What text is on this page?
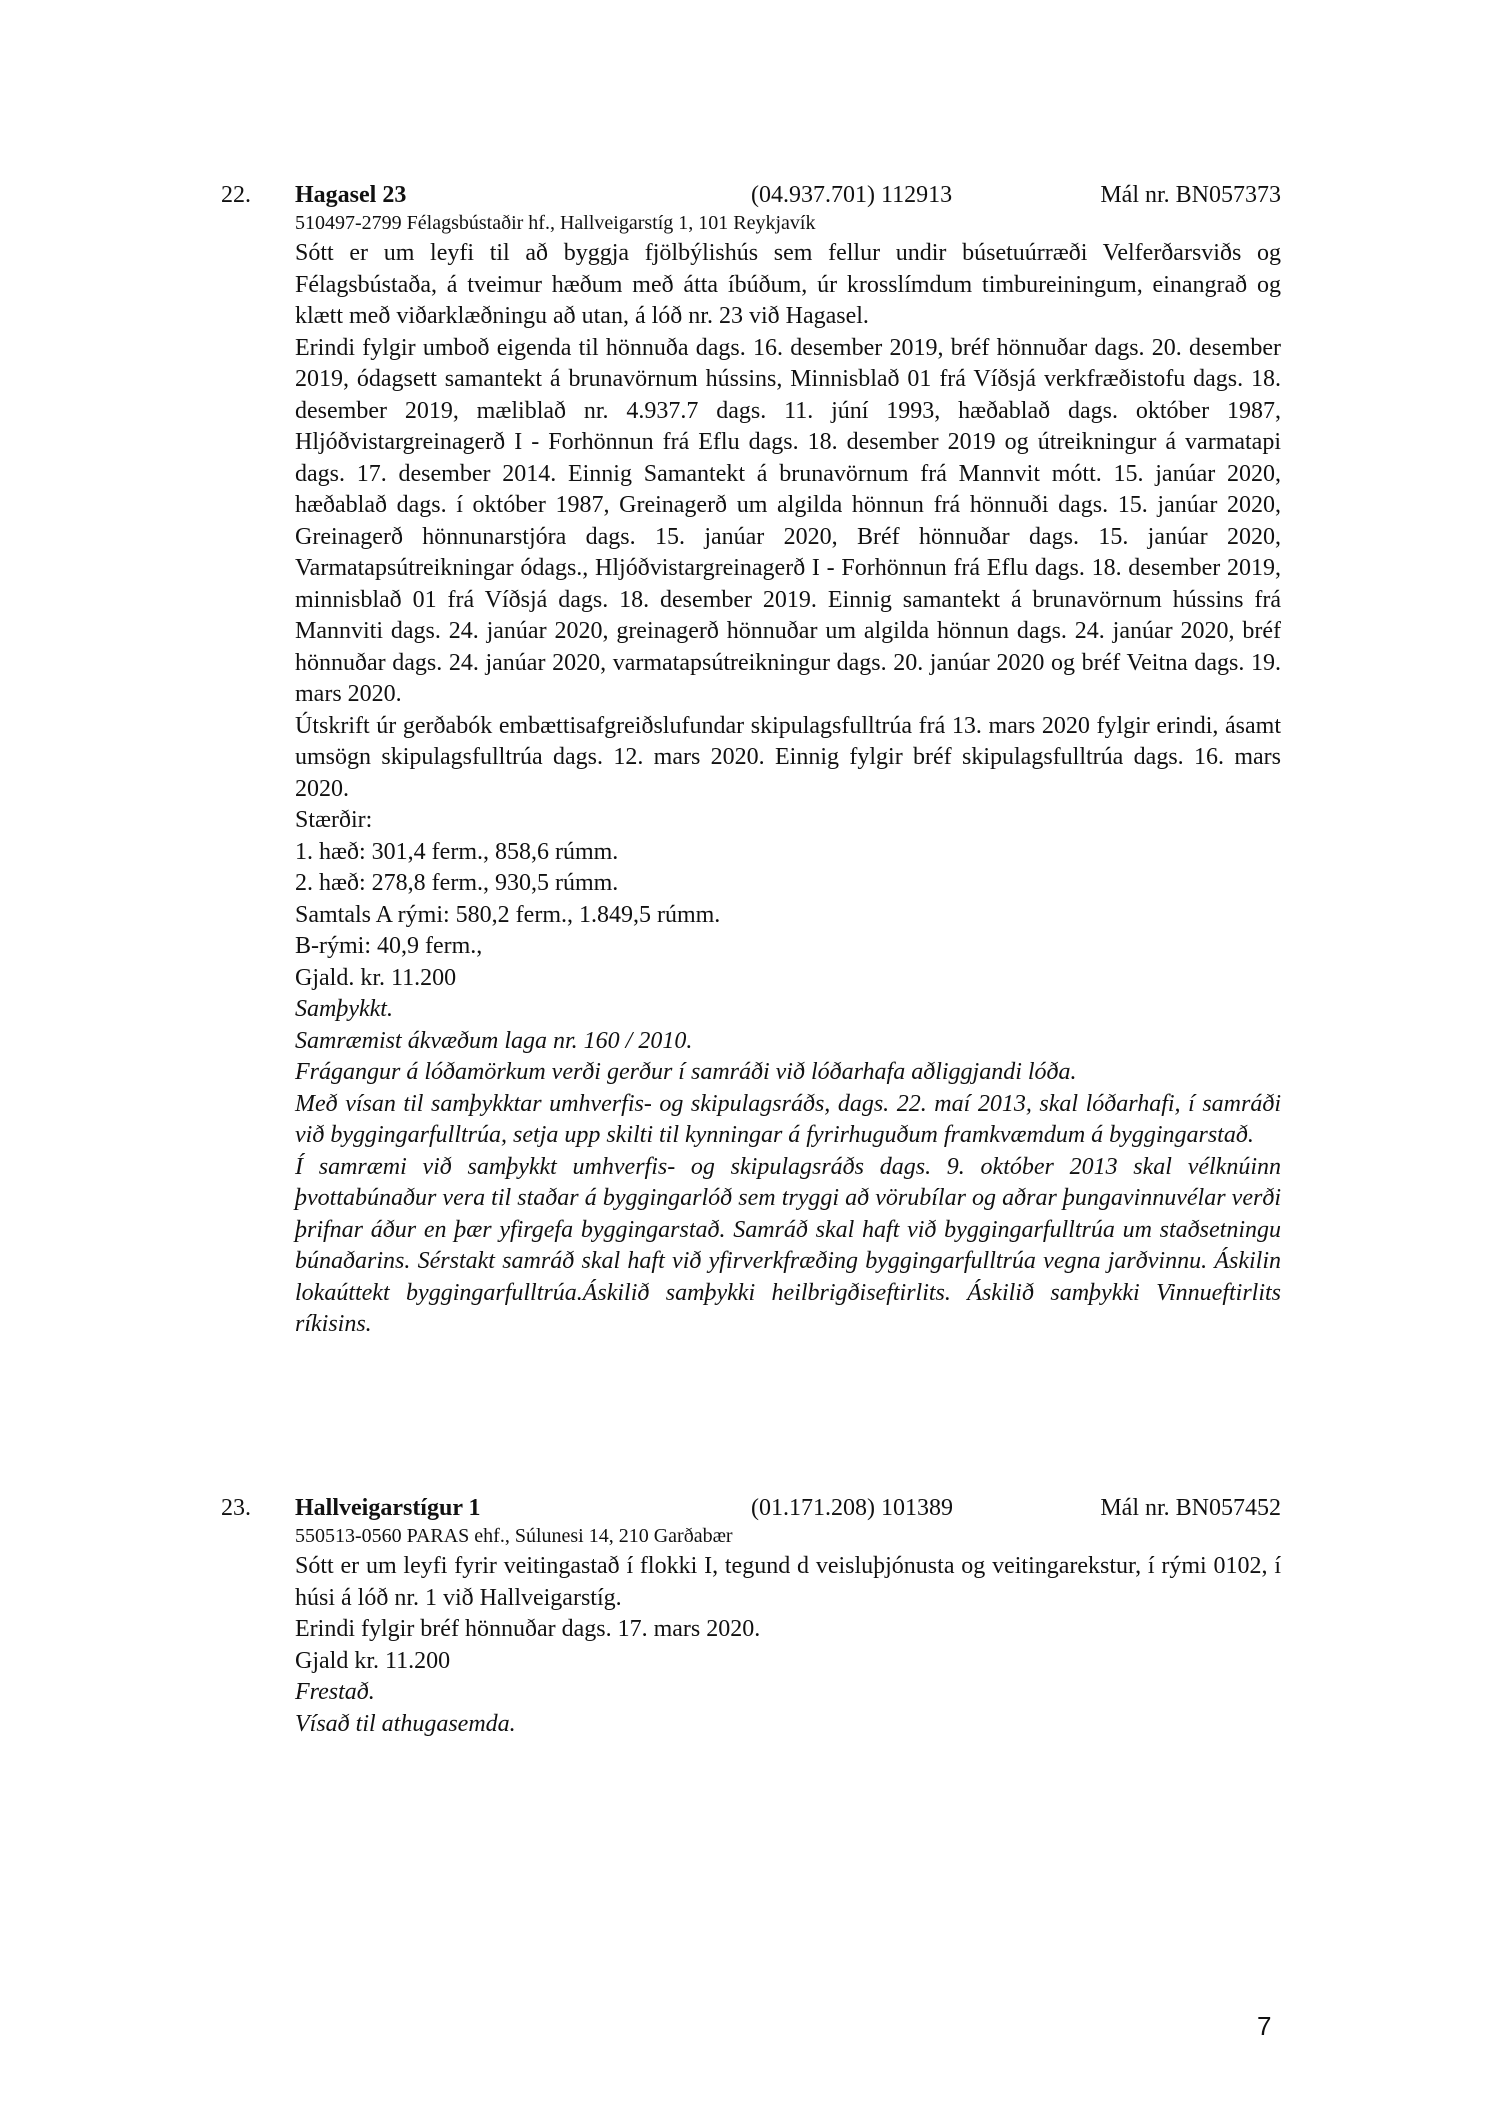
22. Hagasel 23	(04.937.701) 112913	Mál nr. BN057373
510497-2799 Félagsbústaðir hf., Hallveigarstíg 1, 101 Reykjavík

Sótt er um leyfi til að byggja fjölbýlishús sem fellur undir búsetuúrræði Velferðarsviðs og Félagsbústaða, á tveimur hæðum með átta íbúðum, úr krosslímdum timbureiningum, einangrað og klætt með viðarklæðningu að utan, á lóð nr. 23 við Hagasel.

Erindi fylgir umboð eigenda til hönnuða dags. 16. desember 2019, bréf hönnuðar dags. 20. desember 2019, ódagsett samantekt á brunavörnum hússins, Minnisblað 01 frá Víðsjá verkfræðistofu dags. 18. desember 2019, mæliblað nr. 4.937.7 dags. 11. júní 1993, hæðablað dags. október 1987, Hljóðvistargreinagerð I - Forhönnun frá Eflu dags. 18. desember 2019 og útreikningur á varmatapi dags. 17. desember 2014. Einnig Samantekt á brunavörnum frá Mannvit mótt. 15. janúar 2020, hæðablað dags. í október 1987, Greinagerð um algilda hönnun frá hönnuði dags. 15. janúar 2020, Greinagerð hönnunarstjóra dags. 15. janúar 2020, Bréf hönnuðar dags. 15. janúar 2020, Varmatapsútreikningar ódags., Hljóðvistargreinagerð I - Forhönnun frá Eflu dags. 18. desember 2019, minnisblað 01 frá Víðsjá dags. 18. desember 2019. Einnig samantekt á brunavörnum hússins frá Mannviti dags. 24. janúar 2020, greinagerð hönnuðar um algilda hönnun dags. 24. janúar 2020, bréf hönnuðar dags. 24. janúar 2020, varmatapsútreikningur dags. 20. janúar 2020 og bréf Veitna dags. 19. mars 2020.

Útskrift úr gerðabók embættisafgreiðslufundar skipulagsfulltrúa frá 13. mars 2020 fylgir erindi, ásamt umsögn skipulagsfulltrúa dags. 12. mars 2020. Einnig fylgir bréf skipulagsfulltrúa dags. 16. mars 2020.

Stærðir:

1. hæð: 301,4 ferm., 858,6 rúmm.

2. hæð: 278,8 ferm., 930,5 rúmm.

Samtals A rými: 580,2 ferm., 1.849,5 rúmm.

B-rými: 40,9 ferm.,

Gjald. kr. 11.200

Samþykkt.

Samræmist ákvæðum laga nr. 160 / 2010.

Frágangur á lóðamörkum verði gerður í samráði við lóðarhafa aðliggjandi lóða.

Með vísan til samþykktar umhverfis- og skipulagsráðs, dags. 22. maí 2013, skal lóðarhafi, í samráði við byggingarfulltrúa, setja upp skilti til kynningar á fyrirhuguðum framkvæmdum á byggingarstað.

Í samræmi við samþykkt umhverfis- og skipulagsráðs dags. 9. október 2013 skal vélknúinn þvottabúnaður vera til staðar á byggingarlóð sem tryggi að vörubílar og aðrar þungavinnuvélar verði þrifnar áður en þær yfirgefa byggingarstað. Samráð skal haft við byggingarfulltrúa um staðsetningu búnaðarins. Sérstakt samráð skal haft við yfirverkfræðing byggingarfulltrúa vegna jarðvinnu. Áskilin lokaúttekt byggingarfulltrúa.Áskilið samþykki heilbrigðiseftirlits. Áskilið samþykki Vinnueftirlits ríkisins.

23. Hallveigarstígur 1	(01.171.208) 101389	Mál nr. BN057452
550513-0560 PARAS ehf., Súlunesi 14, 210 Garðabær

Sótt er um leyfi fyrir veitingastað í flokki I, tegund d veisluþjónusta og veitingarekstur, í rými 0102, í húsi á lóð nr. 1 við Hallveigarstíg.

Erindi fylgir bréf hönnuðar dags. 17. mars 2020.

Gjald kr. 11.200

Frestað.

Vísað til athugasemda.

7
